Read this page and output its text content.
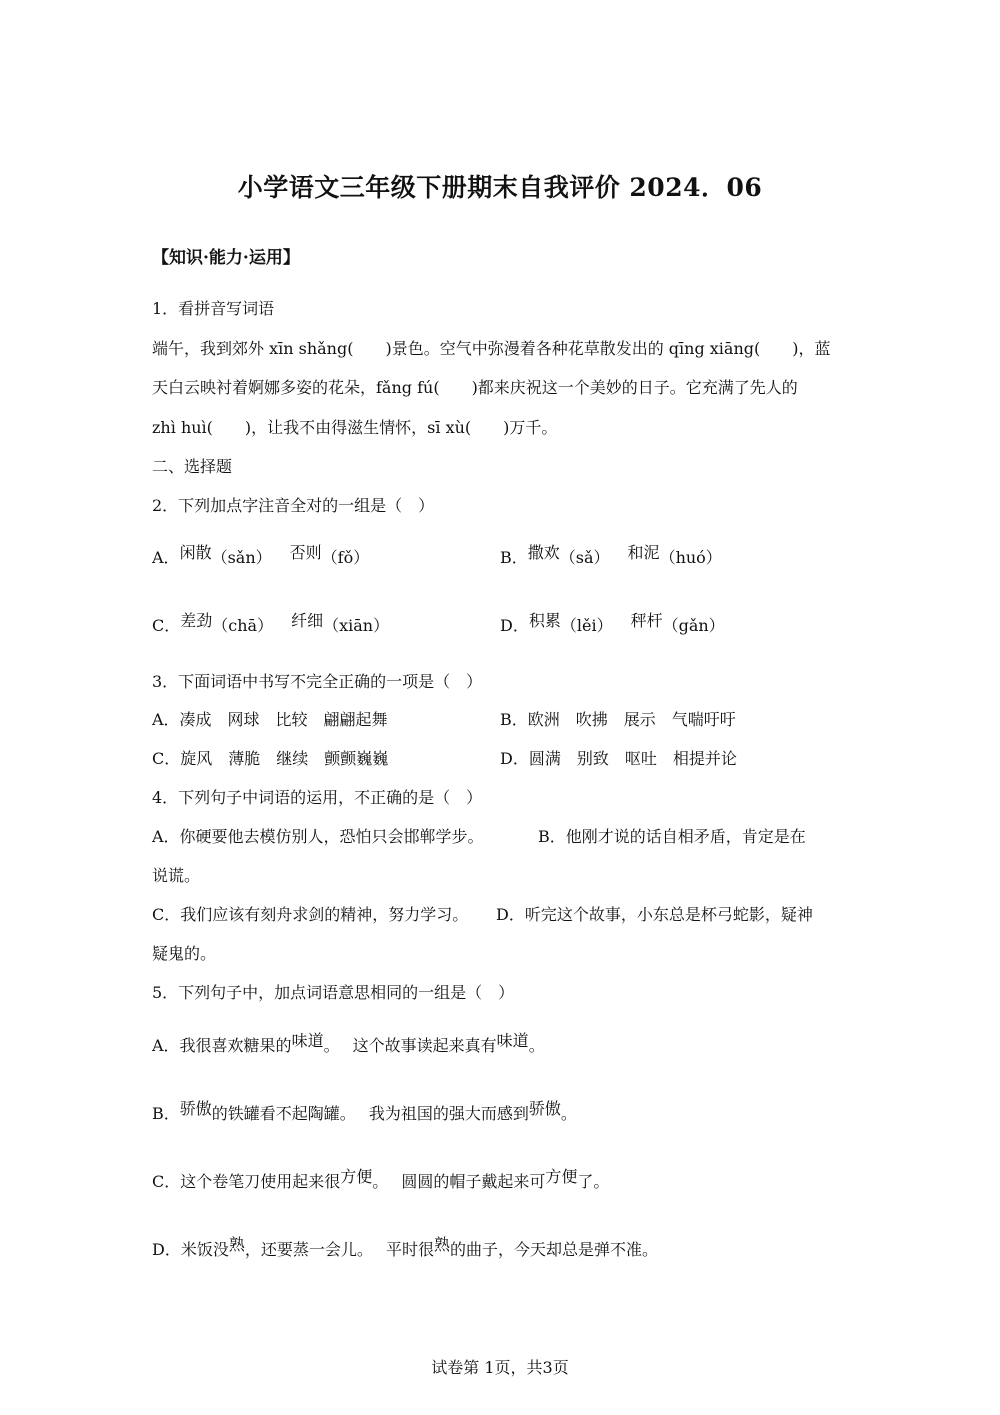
小学语文三年级下册期末自我评价 2024．06
【知识·能力·运用】
1．看拼音写词语
端午，我到郊外 xīn shǎng(　　)景色。空气中弥漫着各种花草散发出的 qīng xiāng(　　)，蓝
天白云映衬着婀娜多姿的花朵，fǎng fú(　　)都来庆祝这一个美妙的日子。它充满了先人的
zhì huì(　　)，让我不由得滋生情怀，sī xù(　　)万千。
二、选择题
2．下列加点字注音全对的一组是（　）
A．闲散（sǎn） 否则（fǒ）	B．撒欢（sǎ） 和泥（huó）
C．差劲（chā） 纤细（xiān）	D．积累（lěi） 秤杆（gǎn）
3．下面词语中书写不完全正确的一项是（　）
A．凑成　网球　比较　翩翩起舞	B．欧洲　吹拂　展示　气喘吁吁
C．旋风　薄脆　继续　颤颤巍巍	D．圆满　别致　呕吐　相提并论
4．下列句子中词语的运用，不正确的是（　）
A．你硬要他去模仿别人，恐怕只会邯郸学步。	B．他刚才说的话自相矛盾，肯定是在
说谎。
C．我们应该有刻舟求剑的精神，努力学习。 D．听完这个故事，小东总是杯弓蛇影，疑神
疑鬼的。
5．下列句子中，加点词语意思相同的一组是（　）
A．我很喜欢糖果的味道。　 这个故事读起来真有味道。
B．骄傲的铁罐看不起陶罐。　 我为祖国的强大而感到骄傲。
C．这个卷笔刀使用起来很方便。　 圆圆的帽子戴起来可方便了。
D．米饭没熟，还要蒸一会儿。　 平时很熟的曲子，今天却总是弹不准。
试卷第 1页，共3页
